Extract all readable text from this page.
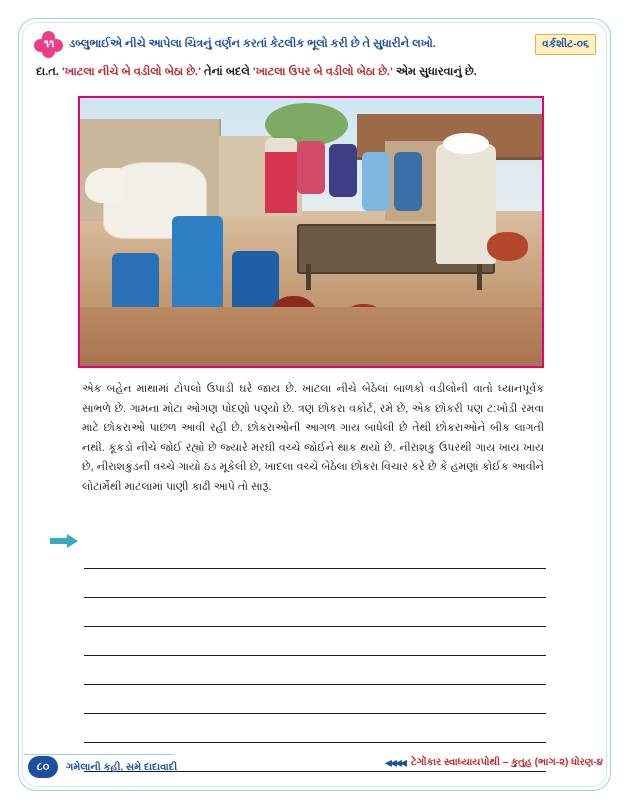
૧૧	ડબ્લુભાઈએ નીચે આપેલા ચિત્રનું વર્ણન કરતાં કેટલીક ભૂલો કરી છે તે સુધારીને લખો.	વર્કશીટ-૦૬
દા.ત. 'ખાટલા નીચે બે વડીલો બેઠા છે.' તેનાં બદલે 'ખાટલા ઉપર બે વડીલો બેઠા છે.' એમ સુધારવાનું છે.
એક બહેન માથામાં ટોપલો ઉપાડી ઘરે જાય છે. ખાટલા નીચે બેઠેલાં બાળકો વડીલોની વાતો ધ્યાનપૂર્વક સાંભળે છે. ગામના મોટા ઓગણ પોદણો પણ્યો છે. ત્રણ છોકરા વકોર્ટ, રમે છે, એક છોકરી પણ ટ:ખોડી રમવા માટે છોકરાઓ પાછળ આવી રહી છે. છોકરાઓની આગળ ગાય બાંધેલી છે તેથી છોકરાઓને બીક લાગતી નથી. કૂકડો નીચે જોઈ રહ્યો છે જ્યારે મરઘી વચ્ચે જોઈને થાક થયો છે. નીરાશકું ઉપરથી ગાય ખાય ખાય છે, નીરાશકુંડની વચ્ચે ગાયો ઠંડ મૂકેલી છે, ખાદલા વચ્ચે બેઠેલા છોકરા વિચાર કરે છે કે હમણાં કોઈક આવીને લોટાર્મેથી માટલામાં પાણી કાઢી આપે તો સારૂં.
૮૦	ગમેલાની કહી, સમે દાદાવાદી	◂◂◂◂ ટેગોંકાર સ્વાધ્યાયપોથી – કુતુહ (ભાગ-૨) ધોરણ-૪
